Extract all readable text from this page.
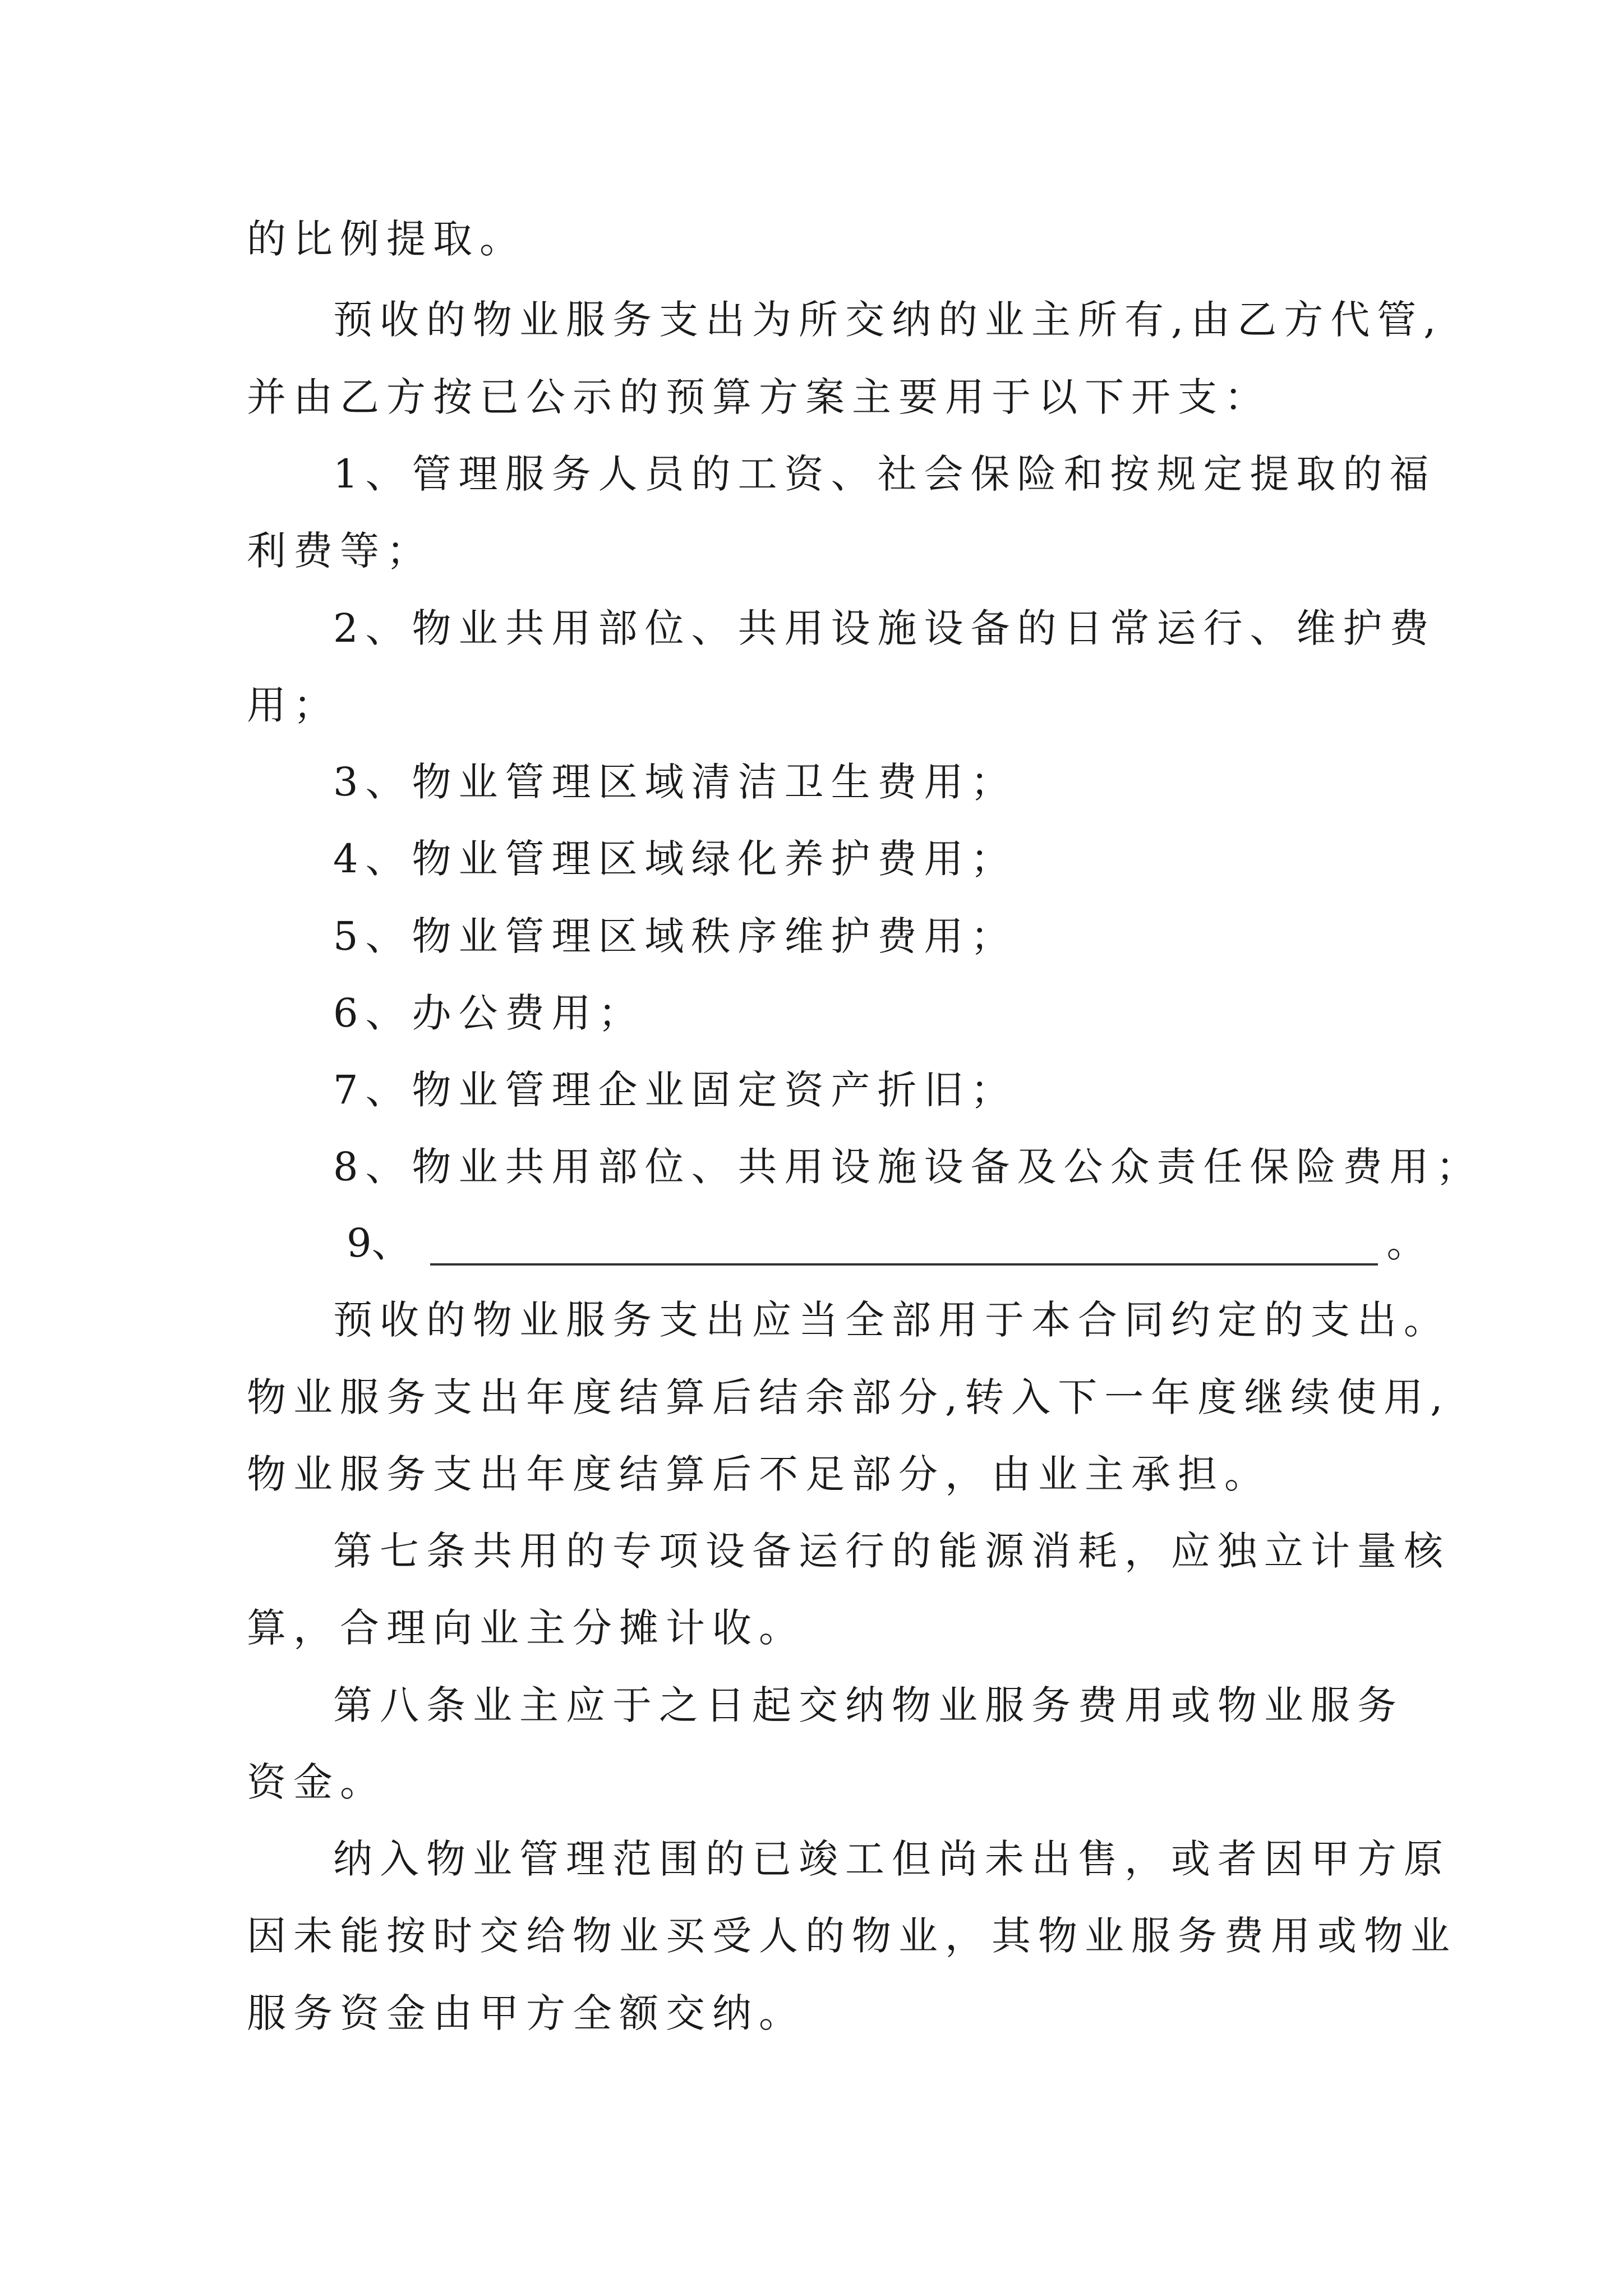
的比例提取。
预收的物业服务支出为所交纳的业主所有,由乙方代管,
并由乙方按已公示的预算方案主要用于以下开支：
1、管理服务人员的工资、社会保险和按规定提取的福
利费等；
2、物业共用部位、共用设施设备的日常运行、维护费
用；
3、物业管理区域清洁卫生费用；
4、物业管理区域绿化养护费用；
5、物业管理区域秩序维护费用；
6、办公费用；
7、物业管理企业固定资产折旧；
8、物业共用部位、共用设施设备及公众责任保险费用；
9、	。
预收的物业服务支出应当全部用于本合同约定的支出。
物业服务支出年度结算后结余部分,转入下一年度继续使用,
物业服务支出年度结算后不足部分，由业主承担。
第七条共用的专项设备运行的能源消耗，应独立计量核
算，合理向业主分摊计收。
第八条业主应于之日起交纳物业服务费用或物业服务
资金。
纳入物业管理范围的已竣工但尚未出售，或者因甲方原
因未能按时交给物业买受人的物业，其物业服务费用或物业
服务资金由甲方全额交纳。
